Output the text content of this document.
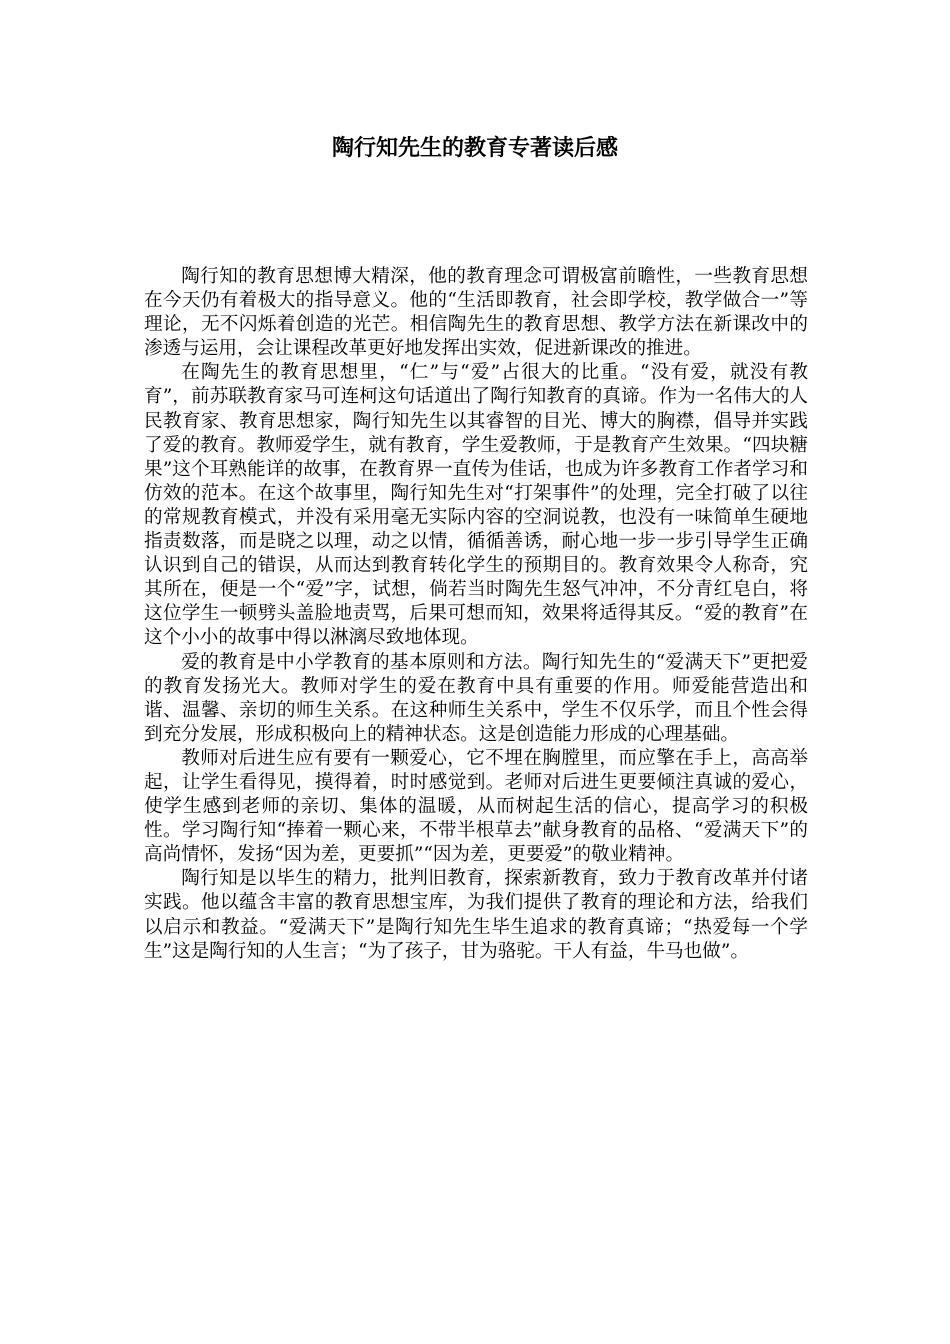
陶行知先生的教育专著读后感

陶行知的教育思想博大精深，他的教育理念可谓极富前瞻性，一些教育思想在今天仍有着极大的指导意义。他的“生活即教育，社会即学校，教学做合一”等理论，无不闪烁着创造的光芒。相信陶先生的教育思想、教学方法在新课改中的渗透与运用，会让课程改革更好地发挥出实效，促进新课改的推进。

在陶先生的教育思想里，“仁”与“爱”占很大的比重。“没有爱，就没有教育”，前苏联教育家马可连柯这句话道出了陶行知教育的真谛。作为一名伟大的人民教育家、教育思想家，陶行知先生以其睿智的目光、博大的胸襟，倡导并实践了爱的教育。教师爱学生，就有教育，学生爱教师，于是教育产生效果。“四块糖果”这个耳熟能详的故事，在教育界一直传为佳话，也成为许多教育工作者学习和仿效的范本。在这个故事里，陶行知先生对“打架事件”的处理，完全打破了以往的常规教育模式，并没有采用毫无实际内容的空洞说教，也没有一味简单生硬地指责数落，而是晓之以理，动之以情，循循善诱，耐心地一步一步引导学生正确认识到自己的错误，从而达到教育转化学生的预期目的。教育效果令人称奇，究其所在，便是一个“爱”字，试想，倘若当时陶先生怒气冲冲，不分青红皂白，将这位学生一顿劈头盖脸地责骂，后果可想而知，效果将适得其反。“爱的教育”在这个小小的故事中得以淋漓尽致地体现。

爱的教育是中小学教育的基本原则和方法。陶行知先生的“爱满天下”更把爱的教育发扬光大。教师对学生的爱在教育中具有重要的作用。师爱能营造出和谐、温馨、亲切的师生关系。在这种师生关系中，学生不仅乐学，而且个性会得到充分发展，形成积极向上的精神状态。这是创造能力形成的心理基础。

教师对后进生应有要有一颗爱心，它不埋在胸膛里，而应擎在手上，高高举起，让学生看得见，摸得着，时时感觉到。老师对后进生更要倾注真诚的爱心，使学生感到老师的亲切、集体的温暖，从而树起生活的信心，提高学习的积极性。学习陶行知“捧着一颗心来，不带半根草去”献身教育的品格、“爱满天下”的高尚情怀，发扬“因为差，更要抓”“因为差，更要爱”的敬业精神。

陶行知是以毕生的精力，批判旧教育，探索新教育，致力于教育改革并付诸实践。他以蕴含丰富的教育思想宝库，为我们提供了教育的理论和方法，给我们以启示和教益。“爱满天下”是陶行知先生毕生追求的教育真谛；“热爱每一个学生”这是陶行知的人生言；“为了孩子，甘为骆驼。干人有益，牛马也做”。
